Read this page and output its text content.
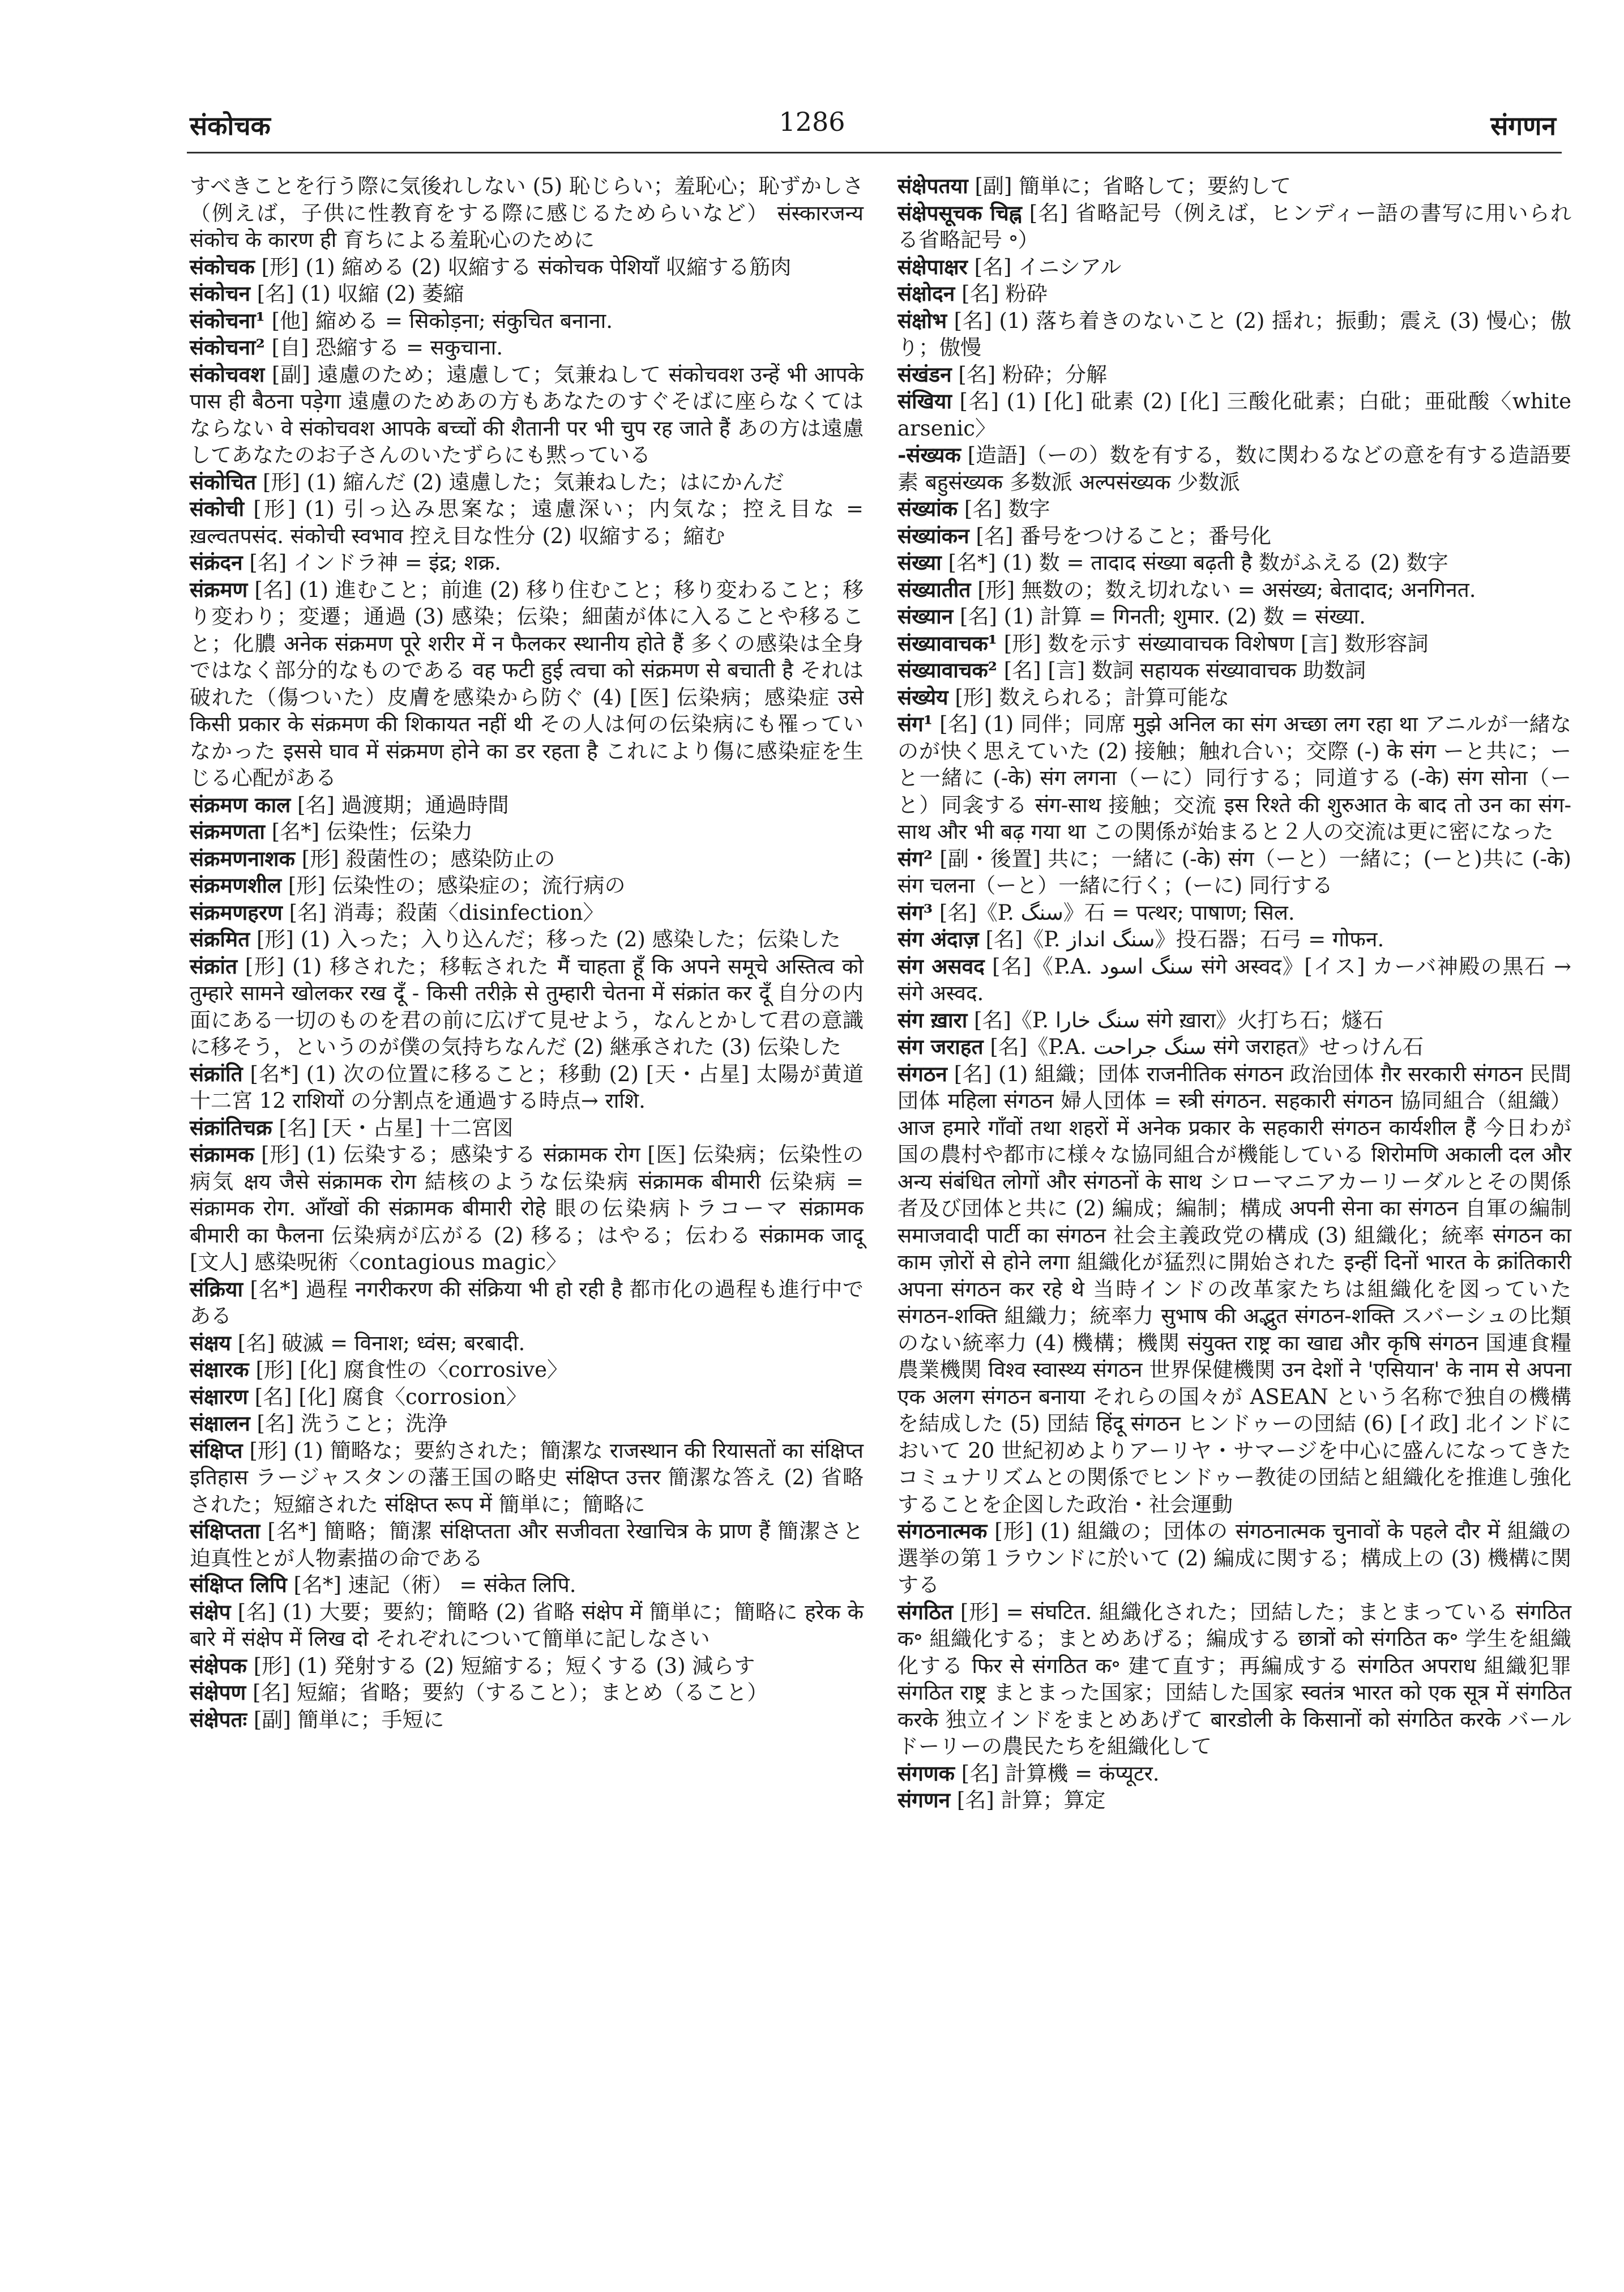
संकोचक	1286	संगणन

すべきことを行う際に気後れしない (5) 恥じらい；羞恥心；恥ずかしさ（例えば，子供に性教育をする際に感じるためらいなど） संस्कारजन्य संकोच के कारण ही 育ちによる羞恥心のために

संकोचक [形] (1) 縮める (2) 収縮する संकोचक पेशियाँ 収縮する筋肉

संकोचन [名] (1) 収縮 (2) 萎縮

संकोचना¹ [他] 縮める = सिकोड़ना; संकुचित बनाना.

संकोचना² [自] 恐縮する = सकुचाना.

संकोचवश [副] 遠慮のため；遠慮して；気兼ねして संकोचवश उन्हें भी आपके पास ही बैठना पड़ेगा 遠慮のためあの方もあなたのすぐそばに座らなくてはならない वे संकोचवश आपके बच्चों की शैतानी पर भी चुप रह जाते हैं あの方は遠慮してあなたのお子さんのいたずらにも黙っている

संकोचित [形] (1) 縮んだ (2) 遠慮した；気兼ねした；はにかんだ

संकोची [形] (1) 引っ込み思案な；遠慮深い；内気な；控え目な = ख़ल्वतपसंद. संकोची स्वभाव 控え目な性分 (2) 収縮する；縮む

संक्रंदन [名] インドラ神 = इंद्र; शक्र.

संक्रमण [名] (1) 進むこと；前進 (2) 移り住むこと；移り変わること；移り変わり；変遷；通過 (3) 感染；伝染；細菌が体に入ることや移ること；化膿 अनेक संक्रमण पूरे शरीर में न फैलकर स्थानीय होते हैं 多くの感染は全身ではなく部分的なものである वह फटी हुई त्वचा को संक्रमण से बचाती है それは破れた（傷ついた）皮膚を感染から防ぐ (4) [医] 伝染病；感染症 उसे किसी प्रकार के संक्रमण की शिकायत नहीं थी その人は何の伝染病にも罹っていなかった इससे घाव में संक्रमण होने का डर रहता है これにより傷に感染症を生じる心配がある

संक्रमण काल [名] 過渡期；通過時間

संक्रमणता [名*] 伝染性；伝染力

संक्रमणनाशक [形] 殺菌性の；感染防止の

संक्रमणशील [形] 伝染性の；感染症の；流行病の

संक्रमणहरण [名] 消毒；殺菌〈disinfection〉

संक्रमित [形] (1) 入った；入り込んだ；移った (2) 感染した；伝染した

संक्रांत [形] (1) 移された；移転された मैं चाहता हूँ कि अपने समूचे अस्तित्व को तुम्हारे सामने खोलकर रख दूँ - किसी तरीक़े से तुम्हारी चेतना में संक्रांत कर दूँ 自分の内面にある一切のものを君の前に広げて見せよう，なんとかして君の意識に移そう，というのが僕の気持ちなんだ (2) 継承された (3) 伝染した

संक्रांति [名*] (1) 次の位置に移ること；移動 (2) [天・占星] 太陽が黄道十二宮 12 राशियों の分割点を通過する時点→ राशि.

संक्रांतिचक्र [名] [天・占星] 十二宮図

संक्रामक [形] (1) 伝染する；感染する संक्रामक रोग [医] 伝染病；伝染性の病気 क्षय जैसे संक्रामक रोग 結核のような伝染病 संक्रामक बीमारी 伝染病 = संक्रामक रोग. आँखों की संक्रामक बीमारी रोहे 眼の伝染病トラコーマ संक्रामक बीमारी का फैलना 伝染病が広がる (2) 移る；はやる；伝わる संक्रामक जादू [文人] 感染呪術〈contagious magic〉

संक्रिया [名*] 過程 नगरीकरण की संक्रिया भी हो रही है 都市化の過程も進行中である

संक्षय [名] 破滅 = विनाश; ध्वंस; बरबादी.

संक्षारक [形] [化] 腐食性の〈corrosive〉

संक्षारण [名] [化] 腐食〈corrosion〉

संक्षालन [名] 洗うこと；洗浄

संक्षिप्त [形] (1) 簡略な；要約された；簡潔な राजस्थान की रियासतों का संक्षिप्त इतिहास ラージャスタンの藩王国の略史 संक्षिप्त उत्तर 簡潔な答え (2) 省略された；短縮された संक्षिप्त रूप में 簡単に；簡略に

संक्षिप्तता [名*] 簡略；簡潔 संक्षिप्तता और सजीवता रेखाचित्र के प्राण हैं 簡潔さと迫真性とが人物素描の命である

संक्षिप्त लिपि [名*] 速記（術） = संकेत लिपि.

संक्षेप [名] (1) 大要；要約；簡略 (2) 省略 संक्षेप में 簡単に；簡略に हरेक के बारे में संक्षेप में लिख दो それぞれについて簡単に記しなさい

संक्षेपक [形] (1) 発射する (2) 短縮する；短くする (3) 減らす

संक्षेपण [名] 短縮；省略；要約（すること）；まとめ（ること）

संक्षेपतः [副] 簡単に；手短に

संक्षेपतया [副] 簡単に；省略して；要約して

संक्षेपसूचक चिह्न [名] 省略記号（例えば，ヒンディー語の書写に用いられる省略記号 ॰）

संक्षेपाक्षर [名] イニシアル

संक्षोदन [名] 粉砕

संक्षोभ [名] (1) 落ち着きのないこと (2) 揺れ；振動；震え (3) 慢心；傲り；傲慢

संखंडन [名] 粉砕；分解

संखिया [名] (1) [化] 砒素 (2) [化] 三酸化砒素；白砒；亜砒酸〈white arsenic〉

-संख्यक [造語]（ーの）数を有する，数に関わるなどの意を有する造語要素 बहुसंख्यक 多数派 अल्पसंख्यक 少数派

संख्यांक [名] 数字

संख्यांकन [名] 番号をつけること；番号化

संख्या [名*] (1) 数 = तादाद संख्या बढ़ती है 数がふえる (2) 数字

संख्यातीत [形] 無数の；数え切れない = असंख्य; बेतादाद; अनगिनत.

संख्यान [名] (1) 計算 = गिनती; शुमार. (2) 数 = संख्या.

संख्यावाचक¹ [形] 数を示す संख्यावाचक विशेषण [言] 数形容詞

संख्यावाचक² [名] [言] 数詞 सहायक संख्यावाचक 助数詞

संख्येय [形] 数えられる；計算可能な

संग¹ [名] (1) 同伴；同席 मुझे अनिल का संग अच्छा लग रहा था アニルが一緒なのが快く思えていた (2) 接触；触れ合い；交際 (-) के संग ーと共に；ーと一緒に (-के) संग लगना（ーに）同行する；同道する (-के) संग सोना（ーと）同衾する संग-साथ 接触；交流 इस रिश्ते की शुरुआत के बाद तो उन का संग-साथ और भी बढ़ गया था この関係が始まると２人の交流は更に密になった

संग² [副・後置] 共に；一緒に (-के) संग（ーと）一緒に；(ーと)共に (-के) संग चलना（ーと）一緒に行く；(ーに) 同行する

संग³ [名]《P. سنگ》石 = पत्थर; पाषाण; सिल.

संग अंदाज़ [名]《P. سنگ انداز》投石器；石弓 = गोफन.

संग असवद [名]《P.A. سنگ اسود संगे अस्वद》[イス] カーバ神殿の黒石 → संगे अस्वद.

संग ख़ारा [名]《P. سنگ خارا संगे ख़ारा》火打ち石；燧石

संग जराहत [名]《P.A. سنگ جراحت संगे जराहत》せっけん石

संगठन [名] (1) 組織；団体 राजनीतिक संगठन 政治団体 ग़ैर सरकारी संगठन 民間団体 महिला संगठन 婦人団体 = स्त्री संगठन. सहकारी संगठन 協同組合（組織） आज हमारे गाँवों तथा शहरों में अनेक प्रकार के सहकारी संगठन कार्यशील हैं 今日わが国の農村や都市に様々な協同組合が機能している शिरोमणि अकाली दल और अन्य संबंधित लोगों और संगठनों के साथ シローマニアカーリーダルとその関係者及び団体と共に (2) 編成；編制；構成 अपनी सेना का संगठन 自軍の編制 समाजवादी पार्टी का संगठन 社会主義政党の構成 (3) 組織化；統率 संगठन का काम ज़ोरों से होने लगा 組織化が猛烈に開始された इन्हीं दिनों भारत के क्रांतिकारी अपना संगठन कर रहे थे 当時インドの改革家たちは組織化を図っていた संगठन-शक्ति 組織力；統率力 सुभाष की अद्भुत संगठन-शक्ति スバーシュの比類のない統率力 (4) 機構；機関 संयुक्त राष्ट्र का खाद्य और कृषि संगठन 国連食糧農業機関 विश्व स्वास्थ्य संगठन 世界保健機関 उन देशों ने 'एसियान' के नाम से अपना एक अलग संगठन बनाया それらの国々が ASEAN という名称で独自の機構を結成した (5) 団結 हिंदू संगठन ヒンドゥーの団結 (6) [イ政] 北インドにおいて 20 世紀初めよりアーリヤ・サマージを中心に盛んになってきたコミュナリズムとの関係でヒンドゥー教徒の団結と組織化を推進し強化することを企図した政治・社会運動

संगठनात्मक [形] (1) 組織の；団体の संगठनात्मक चुनावों के पहले दौर में 組織の選挙の第１ラウンドに於いて (2) 編成に関する；構成上の (3) 機構に関する

संगठित [形] = संघटित. 組織化された；団結した；まとまっている संगठित क॰ 組織化する；まとめあげる；編成する छात्रों को संगठित क॰ 学生を組織化する फिर से संगठित क॰ 建て直す；再編成する संगठित अपराध 組織犯罪 संगठित राष्ट्र まとまった国家；団結した国家 स्वतंत्र भारत को एक सूत्र में संगठित करके 独立インドをまとめあげて बारडोली के किसानों को संगठित करके バールドーリーの農民たちを組織化して

संगणक [名] 計算機 = कंप्यूटर.

संगणन [名] 計算；算定
